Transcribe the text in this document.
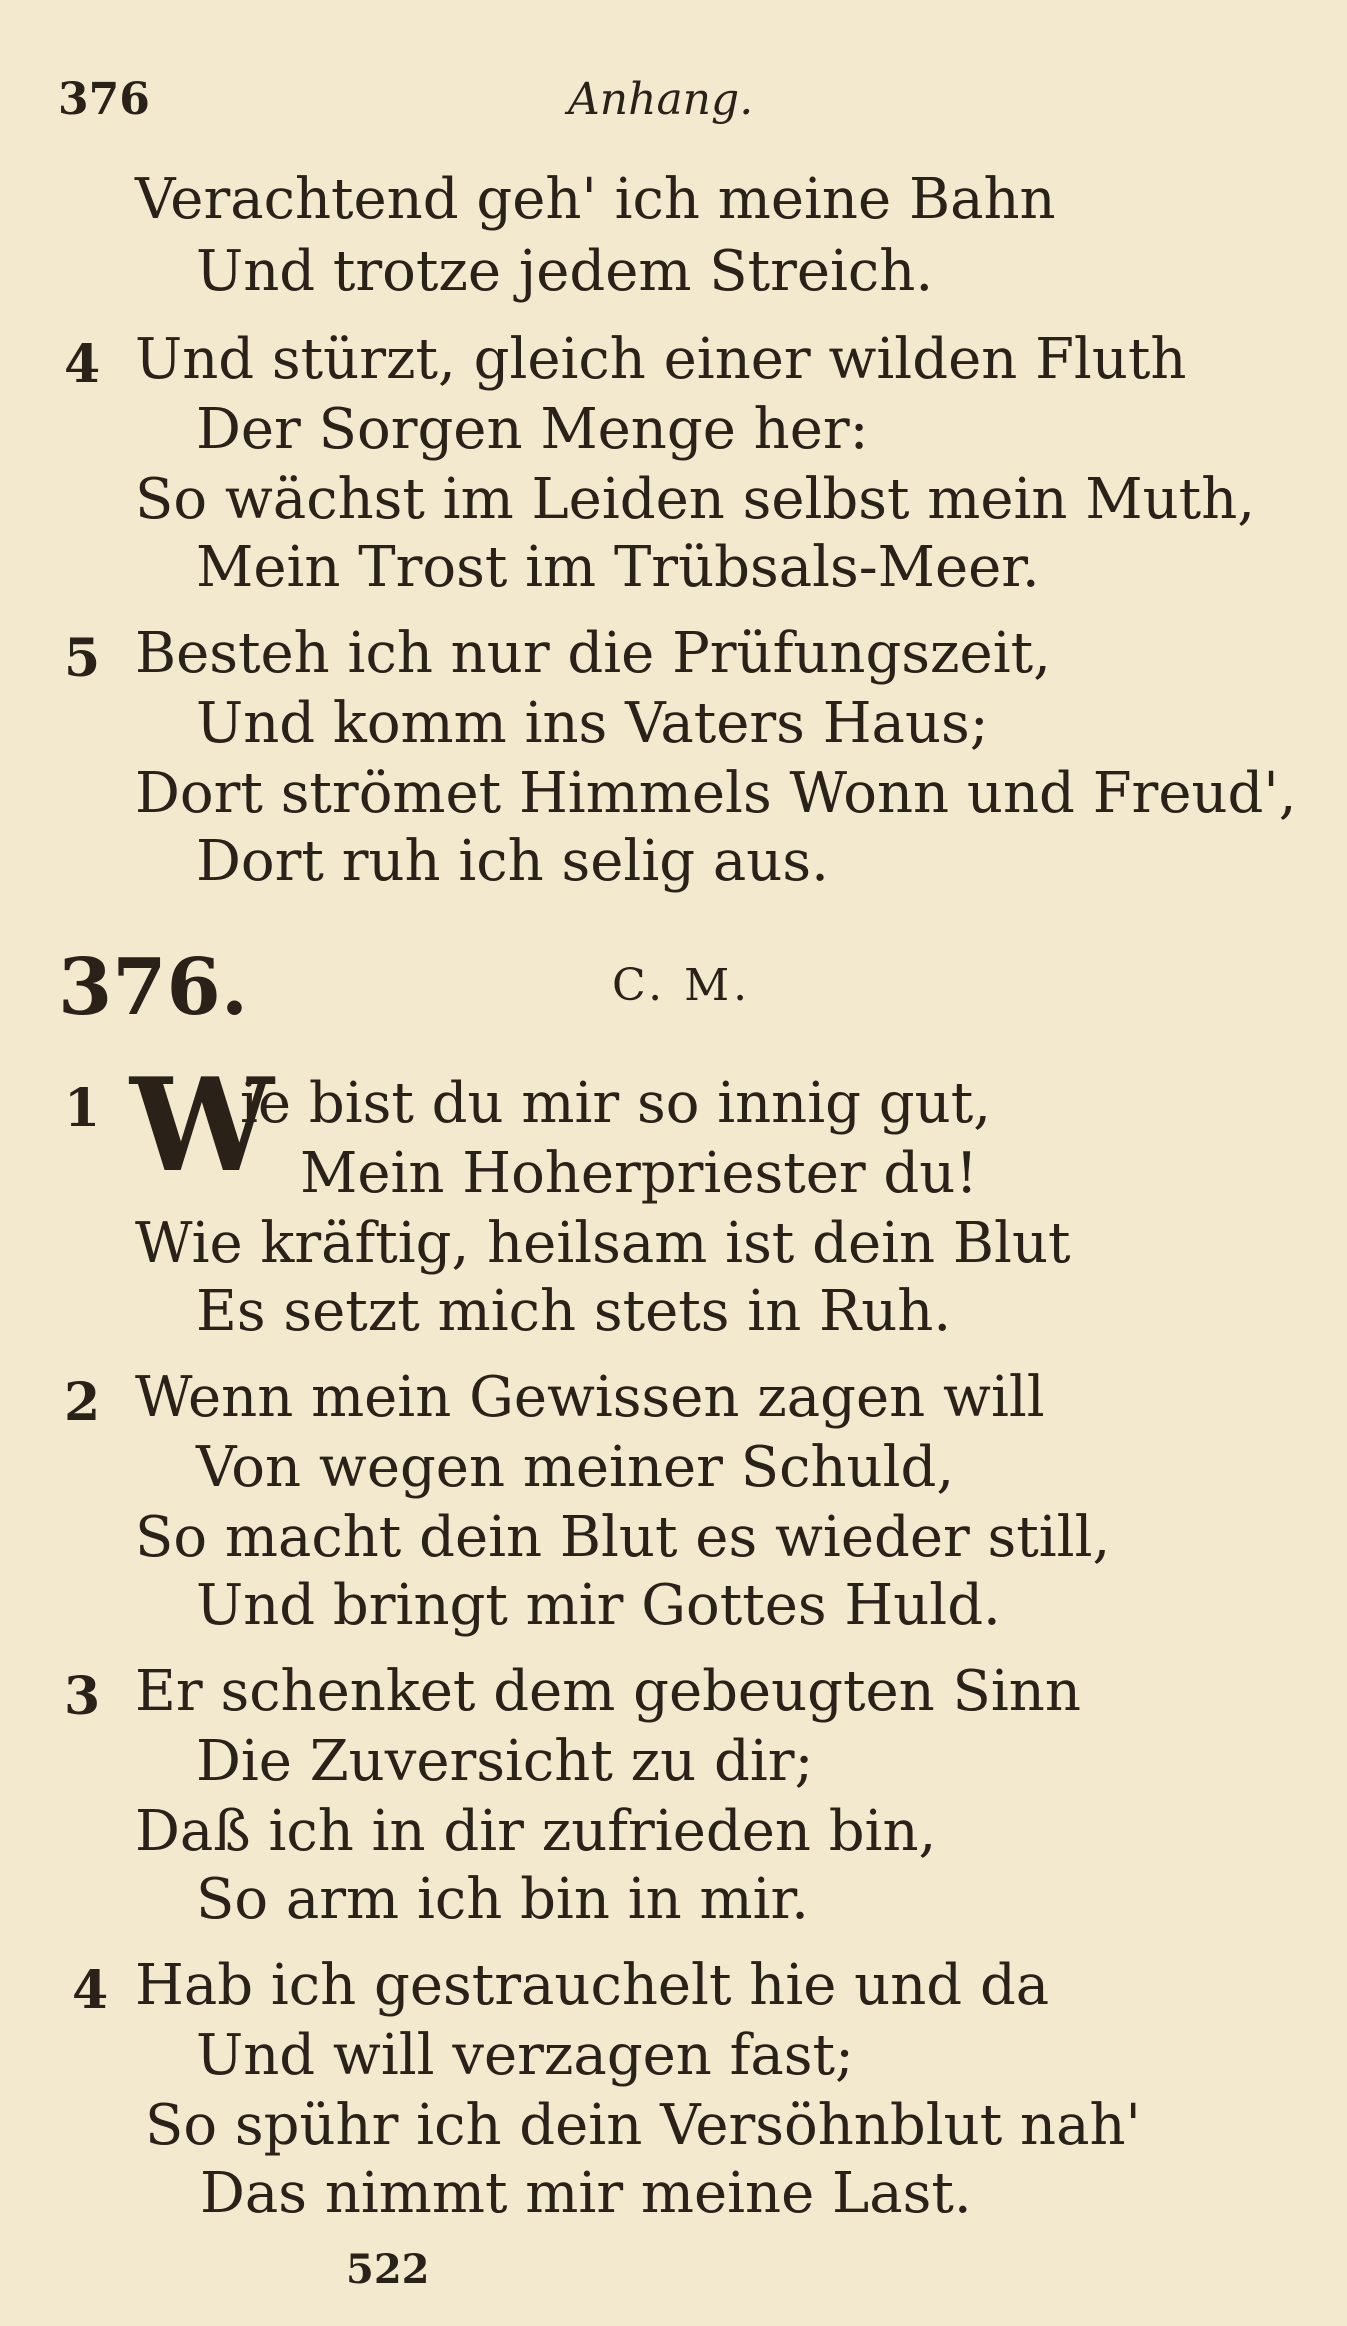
376	Anhang.
Verachtend geh' ich meine Bahn
Und trotze jedem Streich.
4 Und stürzt, gleich einer wilden Fluth
Der Sorgen Menge her:
So wächst im Leiden selbst mein Muth,
Mein Trost im Trübsals-Meer.
5 Besteh ich nur die Prüfungszeit,
Und komm ins Vaters Haus;
Dort strömet Himmels Wonn und Freud',
Dort ruh ich selig aus.
376.	C. M.
1 W
ie bist du mir so innig gut,
Mein Hoherpriester du!
Wie kräftig, heilsam ist dein Blut
Es setzt mich stets in Ruh.
2 Wenn mein Gewissen zagen will
Von wegen meiner Schuld,
So macht dein Blut es wieder still,
Und bringt mir Gottes Huld.
3 Er schenket dem gebeugten Sinn
Die Zuversicht zu dir;
Daß ich in dir zufrieden bin,
So arm ich bin in mir.
4 Hab ich gestrauchelt hie und da
Und will verzagen fast;
So spühr ich dein Versöhnblut nah'
Das nimmt mir meine Last.
522
